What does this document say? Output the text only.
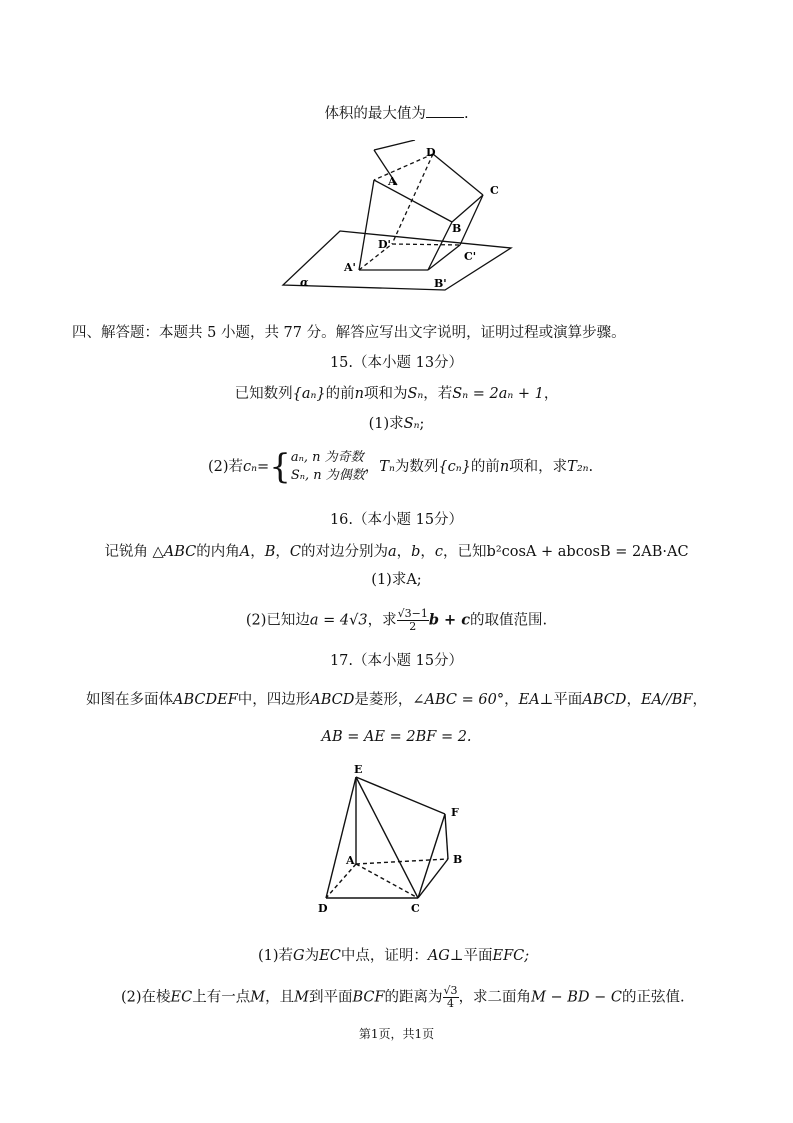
体积的最大值为	.
D
A
C
B
D'
C'
A'
B'
α
四、解答题：本题共 5 小题，共 77 分。解答应写出文字说明，证明过程或演算步骤。
15.（本小题 13分）
已知数列{aₙ}的前n项和为Sₙ，若Sₙ = 2aₙ + 1，
(1)求Sₙ;
(2)若cₙ={ aₙ, n 为奇数
Sₙ, n 为偶数
，Tₙ为数列{cₙ}的前n项和，求T₂ₙ.
16.（本小题 15分）
记锐角 △ABC的内角A，B，C的对边分别为a，b，c，已知b²cosA + abcosB = 2AB·AC
(1)求A;
(2)已知边a = 4√3，求 $\frac{√3-1}{2}$ b + c的取值范围.
17.（本小题 15分）
如图在多面体ABCDEF中，四边形ABCD是菱形，∠ABC = 60°，EA⊥平面ABCD，EA//BF，
AB = AE = 2BF = 2.
E
F
A	B
D	C
(1)若G为EC中点，证明：AG⊥平面EFC;
(2)在棱EC上有一点M，且M到平面BCF的距离为 $\frac{√3}{4}$ ，求二面角M − BD − C的正弦值.
第1页，共1页
